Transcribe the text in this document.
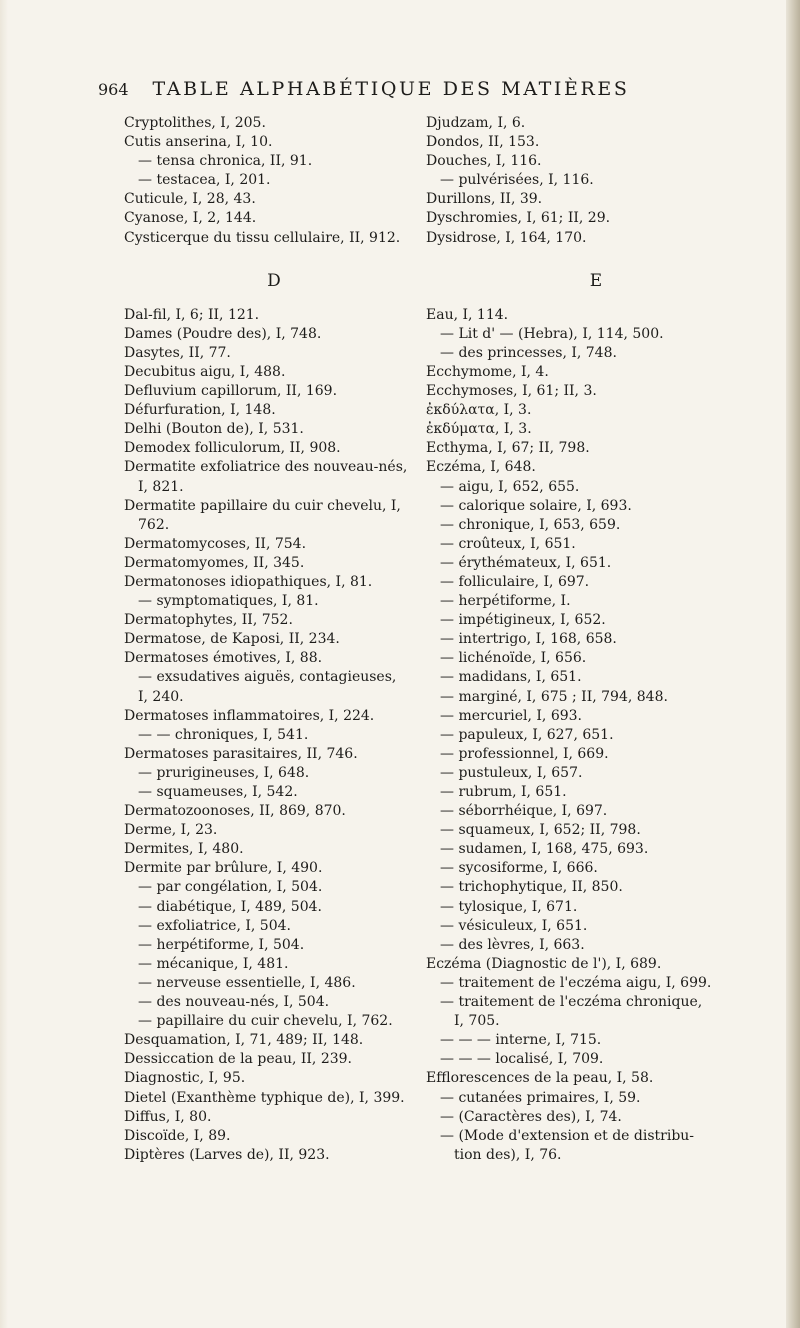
964 TABLE ALPHABÉTIQUE DES MATIÈRES
Cryptolithes, I, 205.
Cutis anserina, I, 10.
— tensa chronica, II, 91.
— testacea, I, 201.
Cuticule, I, 28, 43.
Cyanose, I, 2, 144.
Cysticerque du tissu cellulaire, II, 912.
D
Dal-fil, I, 6; II, 121.
Dames (Poudre des), I, 748.
Dasytes, II, 77.
Decubitus aigu, I, 488.
Defluvium capillorum, II, 169.
Défurfuration, I, 148.
Delhi (Bouton de), I, 531.
Demodex folliculorum, II, 908.
Dermatite exfoliatrice des nouveau-nés,
I, 821.
Dermatite papillaire du cuir chevelu, I,
762.
Dermatomycoses, II, 754.
Dermatomyomes, II, 345.
Dermatonoses idiopathiques, I, 81.
— symptomatiques, I, 81.
Dermatophytes, II, 752.
Dermatose, de Kaposi, II, 234.
Dermatoses émotives, I, 88.
— exsudatives aiguës, contagieuses,
I, 240.
Dermatoses inflammatoires, I, 224.
— — chroniques, I, 541.
Dermatoses parasitaires, II, 746.
— prurigineuses, I, 648.
— squameuses, I, 542.
Dermatozoonoses, II, 869, 870.
Derme, I, 23.
Dermites, I, 480.
Dermite par brûlure, I, 490.
— par congélation, I, 504.
— diabétique, I, 489, 504.
— exfoliatrice, I, 504.
— herpétiforme, I, 504.
— mécanique, I, 481.
— nerveuse essentielle, I, 486.
— des nouveau-nés, I, 504.
— papillaire du cuir chevelu, I, 762.
Desquamation, I, 71, 489; II, 148.
Dessiccation de la peau, II, 239.
Diagnostic, I, 95.
Dietel (Exanthème typhique de), I, 399.
Diffus, I, 80.
Discoïde, I, 89.
Diptères (Larves de), II, 923.
Djudzam, I, 6.
Dondos, II, 153.
Douches, I, 116.
— pulvérisées, I, 116.
Durillons, II, 39.
Dyschromies, I, 61; II, 29.
Dysidrose, I, 164, 170.
E
Eau, I, 114.
— Lit d' — (Hebra), I, 114, 500.
— des princesses, I, 748.
Ecchymome, I, 4.
Ecchymoses, I, 61; II, 3.
ἐκδύλατα, I, 3.
ἐκδύματα, I, 3.
Ecthyma, I, 67; II, 798.
Eczéma, I, 648.
— aigu, I, 652, 655.
— calorique solaire, I, 693.
— chronique, I, 653, 659.
— croûteux, I, 651.
— érythémateux, I, 651.
— folliculaire, I, 697.
— herpétiforme, I.
— impétigineux, I, 652.
— intertrigo, I, 168, 658.
— lichénoïde, I, 656.
— madidans, I, 651.
— marginé, I, 675 ; II, 794, 848.
— mercuriel, I, 693.
— papuleux, I, 627, 651.
— professionnel, I, 669.
— pustuleux, I, 657.
— rubrum, I, 651.
— séborrhéique, I, 697.
— squameux, I, 652; II, 798.
— sudamen, I, 168, 475, 693.
— sycosiforme, I, 666.
— trichophytique, II, 850.
— tylosique, I, 671.
— vésiculeux, I, 651.
— des lèvres, I, 663.
Eczéma (Diagnostic de l'), I, 689.
— traitement de l'eczéma aigu, I, 699.
— traitement de l'eczéma chronique,
I, 705.
— — — interne, I, 715.
— — — localisé, I, 709.
Efflorescences de la peau, I, 58.
— cutanées primaires, I, 59.
— (Caractères des), I, 74.
— (Mode d'extension et de distribu-
tion des), I, 76.
